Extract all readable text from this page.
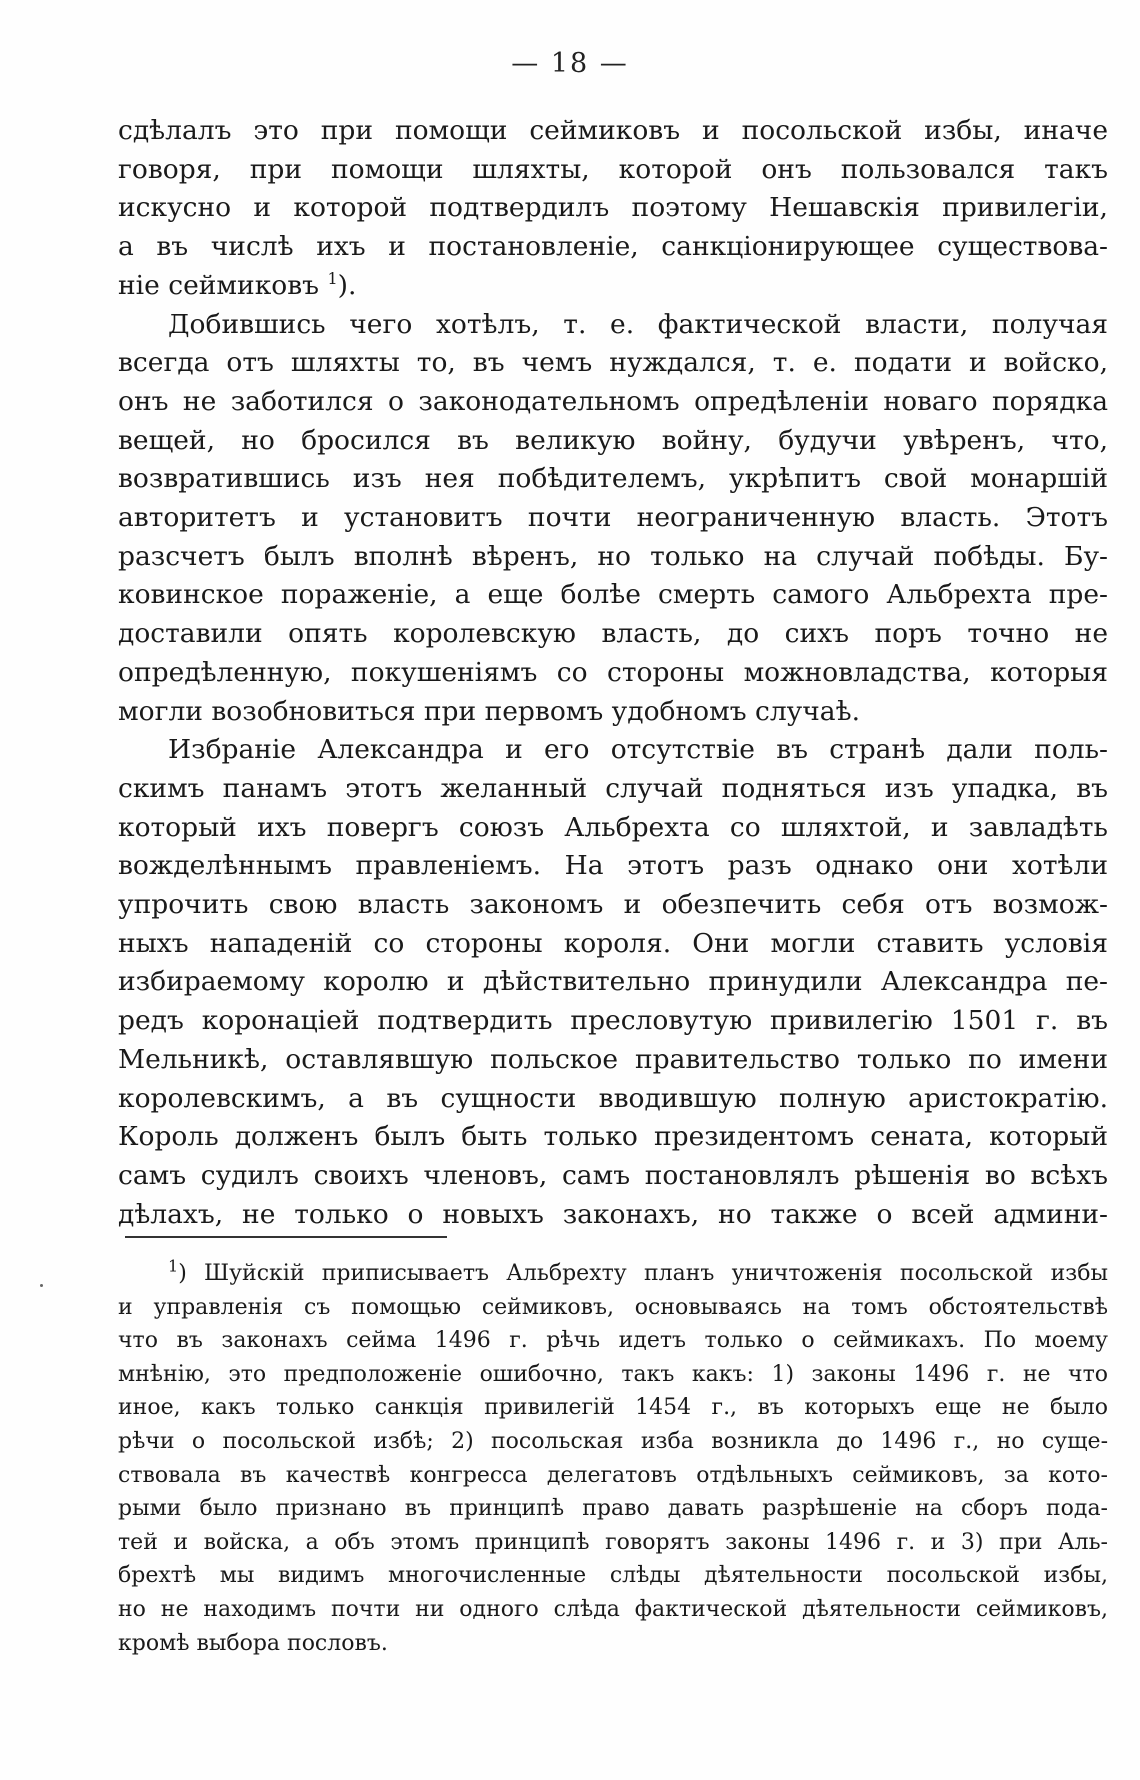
— 18 —

сдѣлалъ это при помощи сеймиковъ и посольской избы, иначе

говоря, при помощи шляхты, которой онъ пользовался такъ

искусно и которой подтвердилъ поэтому Нешавскія привилегіи,

а въ числѣ ихъ и постановленіе, санкціонирующее существова-

ніе сеймиковъ $^1$).

Добившись чего хотѣлъ, т. е. фактической власти, получая

всегда отъ шляхты то, въ чемъ нуждался, т. е. подати и войско,

онъ не заботился о законодательномъ опредѣленіи новаго порядка

вещей, но бросился въ великую войну, будучи увѣренъ, что,

возвратившись изъ нея побѣдителемъ, укрѣпитъ свой монаршій

авторитетъ и установитъ почти неограниченную власть. Этотъ

разсчетъ былъ вполнѣ вѣренъ, но только на случай побѣды. Бу-

ковинское пораженіе, а еще болѣе смерть самого Альбрехта пре-

доставили опять королевскую власть, до сихъ поръ точно не

опредѣленную, покушеніямъ со стороны можновладства, которыя

могли возобновиться при первомъ удобномъ случаѣ.

Избраніе Александра и его отсутствіе въ странѣ дали поль-

скимъ панамъ этотъ желанный случай подняться изъ упадка, въ

который ихъ повергъ союзъ Альбрехта со шляхтой, и завладѣть

вожделѣннымъ правленіемъ. На этотъ разъ однако они хотѣли

упрочить свою власть закономъ и обезпечить себя отъ возмож-

ныхъ нападеній со стороны короля. Они могли ставить условія

избираемому королю и дѣйствительно принудили Александра пе-

редъ коронаціей подтвердить пресловутую привилегію 1501 г. въ

Мельникѣ, оставлявшую польское правительство только по имени

королевскимъ, а въ сущности вводившую полную аристократію.

Король долженъ былъ быть только президентомъ сената, который

самъ судилъ своихъ членовъ, самъ постановлялъ рѣшенія во всѣхъ

дѣлахъ, не только о новыхъ законахъ, но также о всей админи-

$^1$) Шуйскій приписываетъ Альбрехту планъ уничтоженія посольской избы
и управленія съ помощью сеймиковъ, основываясь на томъ обстоятельствѣ
что въ законахъ сейма 1496 г. рѣчь идетъ только о сеймикахъ. По моему
мнѣнію, это предположеніе ошибочно, такъ какъ: 1) законы 1496 г. не что
иное, какъ только санкція привилегій 1454 г., въ которыхъ еще не было
рѣчи о посольской избѣ; 2) посольская изба возникла до 1496 г., но суще-
ствовала въ качествѣ конгресса делегатовъ отдѣльныхъ сеймиковъ, за кото-
рыми было признано въ принципѣ право давать разрѣшеніе на сборъ пода-
тей и войска, а объ этомъ принципѣ говорятъ законы 1496 г. и 3) при Аль-
брехтѣ мы видимъ многочисленные слѣды дѣятельности посольской избы,
но не находимъ почти ни одного слѣда фактической дѣятельности сеймиковъ,
кромѣ выбора пословъ.
